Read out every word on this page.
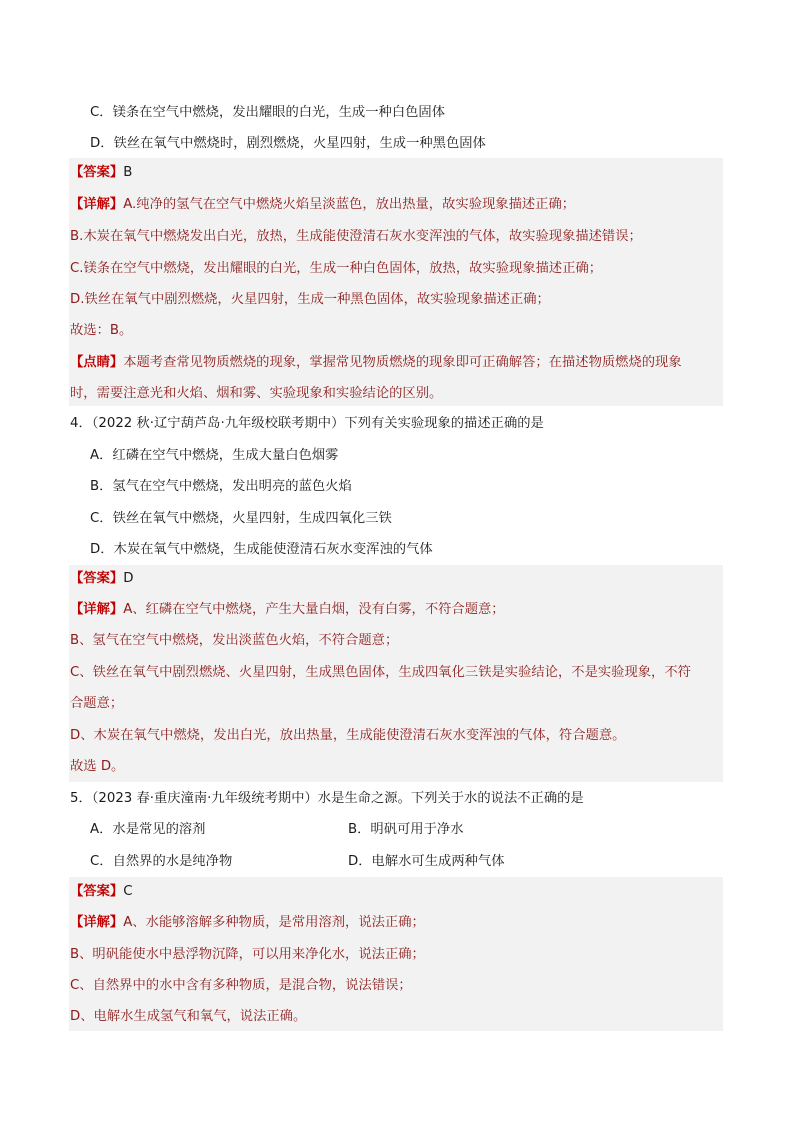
C．镁条在空气中燃烧，发出耀眼的白光，生成一种白色固体
D．铁丝在氧气中燃烧时，剧烈燃烧，火星四射，生成一种黑色固体
【答案】B
【详解】A.纯净的氢气在空气中燃烧火焰呈淡蓝色，放出热量，故实验现象描述正确；
B.木炭在氧气中燃烧发出白光，放热，生成能使澄清石灰水变浑浊的气体，故实验现象描述错误；
C.镁条在空气中燃烧，发出耀眼的白光，生成一种白色固体，放热，故实验现象描述正确；
D.铁丝在氧气中剧烈燃烧，火星四射，生成一种黑色固体，故实验现象描述正确；
故选：B。
【点睛】本题考查常见物质燃烧的现象，掌握常见物质燃烧的现象即可正确解答；在描述物质燃烧的现象
时，需要注意光和火焰、烟和雾、实验现象和实验结论的区别。
4．（2022 秋·辽宁葫芦岛·九年级校联考期中）下列有关实验现象的描述正确的是
A．红磷在空气中燃烧，生成大量白色烟雾
B．氢气在空气中燃烧，发出明亮的蓝色火焰
C．铁丝在氧气中燃烧，火星四射，生成四氧化三铁
D．木炭在氧气中燃烧，生成能使澄清石灰水变浑浊的气体
【答案】D
【详解】A、红磷在空气中燃烧，产生大量白烟，没有白雾，不符合题意；
B、氢气在空气中燃烧，发出淡蓝色火焰，不符合题意；
C、铁丝在氧气中剧烈燃烧、火星四射，生成黑色固体，生成四氧化三铁是实验结论，不是实验现象，不符
合题意；
D、木炭在氧气中燃烧，发出白光，放出热量，生成能使澄清石灰水变浑浊的气体，符合题意。
故选 D。
5．（2023 春·重庆潼南·九年级统考期中）水是生命之源。下列关于水的说法不正确的是
A．水是常见的溶剂	B．明矾可用于净水
C．自然界的水是纯净物	D．电解水可生成两种气体
【答案】C
【详解】A、水能够溶解多种物质，是常用溶剂，说法正确；
B、明矾能使水中悬浮物沉降，可以用来净化水，说法正确；
C、自然界中的水中含有多种物质，是混合物，说法错误；
D、电解水生成氢气和氧气，说法正确。
